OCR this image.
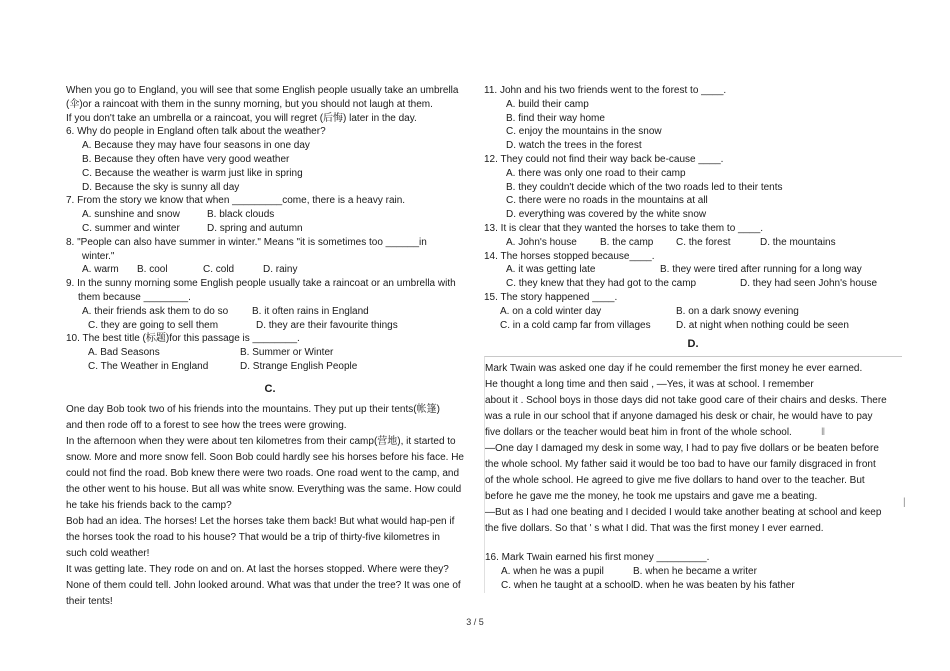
When you go to England, you will see that some English people usually take an umbrella
(伞)or a raincoat with them in the sunny morning, but you should not laugh at them.
If you don't take an umbrella or a raincoat, you will regret (后悔) later in the day.
6. Why do people in England often talk about the weather?
A. Because they may have four seasons in one day
B. Because they often have very good weather
C. Because the weather is warm just like in spring
D. Because the sky is sunny all day
7. From the story we know that when _________come, there is a heavy rain.
A. sunshine and snow	B. black clouds
C. summer and winter	D. spring and autumn
8. "People can also have summer in winter." Means "it is sometimes too ______in
winter."
A. warm	B. cool	C. cold	D. rainy
9. In the sunny morning some English people usually take a raincoat or an umbrella with
them because ________.
A. their friends ask them to do so	B. it often rains in England
C. they are going to sell them	D. they are their favourite things
10. The best title (标题)for this passage is ________.
A. Bad Seasons	B. Summer or Winter
C. The Weather in England	D. Strange English People
C.
One day Bob took two of his friends into the mountains. They put up their tents(帐篷)
and then rode off to a forest to see how the trees were growing.
In the afternoon when they were about ten kilometres from their camp(营地), it started to
snow. More and more snow fell. Soon Bob could hardly see his horses before his face. He
could not find the road. Bob knew there were two roads. One road went to the camp, and
the other went to his house. But all was white snow. Everything was the same. How could
he take his friends back to the camp?
Bob had an idea. The horses! Let the horses take them back! But what would hap-pen if
the horses took the road to his house? That would be a trip of thirty-five kilometres in
such cold weather!
It was getting late. They rode on and on. At last the horses stopped. Where were they?
None of them could tell. John looked around. What was that under the tree? It was one of
their tents!
11. John and his two friends went to the forest to ____.
A. build their camp
B. find their way home
C. enjoy the mountains in the snow
D. watch the trees in the forest
12. They could not find their way back be-cause ____.
A. there was only one road to their camp
B. they couldn't decide which of the two roads led to their tents
C. there were no roads in the mountains at all
D. everything was covered by the white snow
13. It is clear that they wanted the horses to take them to ____.
A. John's house	B. the camp	C. the forest	D. the mountains
14. The horses stopped because____.
A. it was getting late	B. they were tired after running for a long way
C. they knew that they had got to the camp	D. they had seen John's house
15. The story happened ____.
A. on a cold winter day	B. on a dark snowy evening
C. in a cold camp far from villages	D. at night when nothing could be seen
D.
Mark Twain was asked one day if he could remember the first money he ever earned.
He thought a long time and then said , —Yes, it was at school. I remember
about it . School boys in those days did not take good care of their chairs and desks. There
was a rule in our school that if anyone damaged his desk or chair, he would have to pay
five dollars or the teacher would beat him in front of the whole school.
—One day I damaged my desk in some way, I had to pay five dollars or be beaten before
the whole school. My father said it would be too bad to have our family disgraced in front
of the whole school. He agreed to give me five dollars to hand over to the teacher. But
before he gave me the money, he took me upstairs and gave me a beating.
—But as I had one beating and I decided I would take another beating at school and keep
the five dollars. So that ' s what I did. That was the first money I ever earned.
16. Mark Twain earned his first money _________.
A. when he was a pupil	B. when he became a writer
C. when he taught at a school D. when he was beaten by his father
‖
|
3 / 5
